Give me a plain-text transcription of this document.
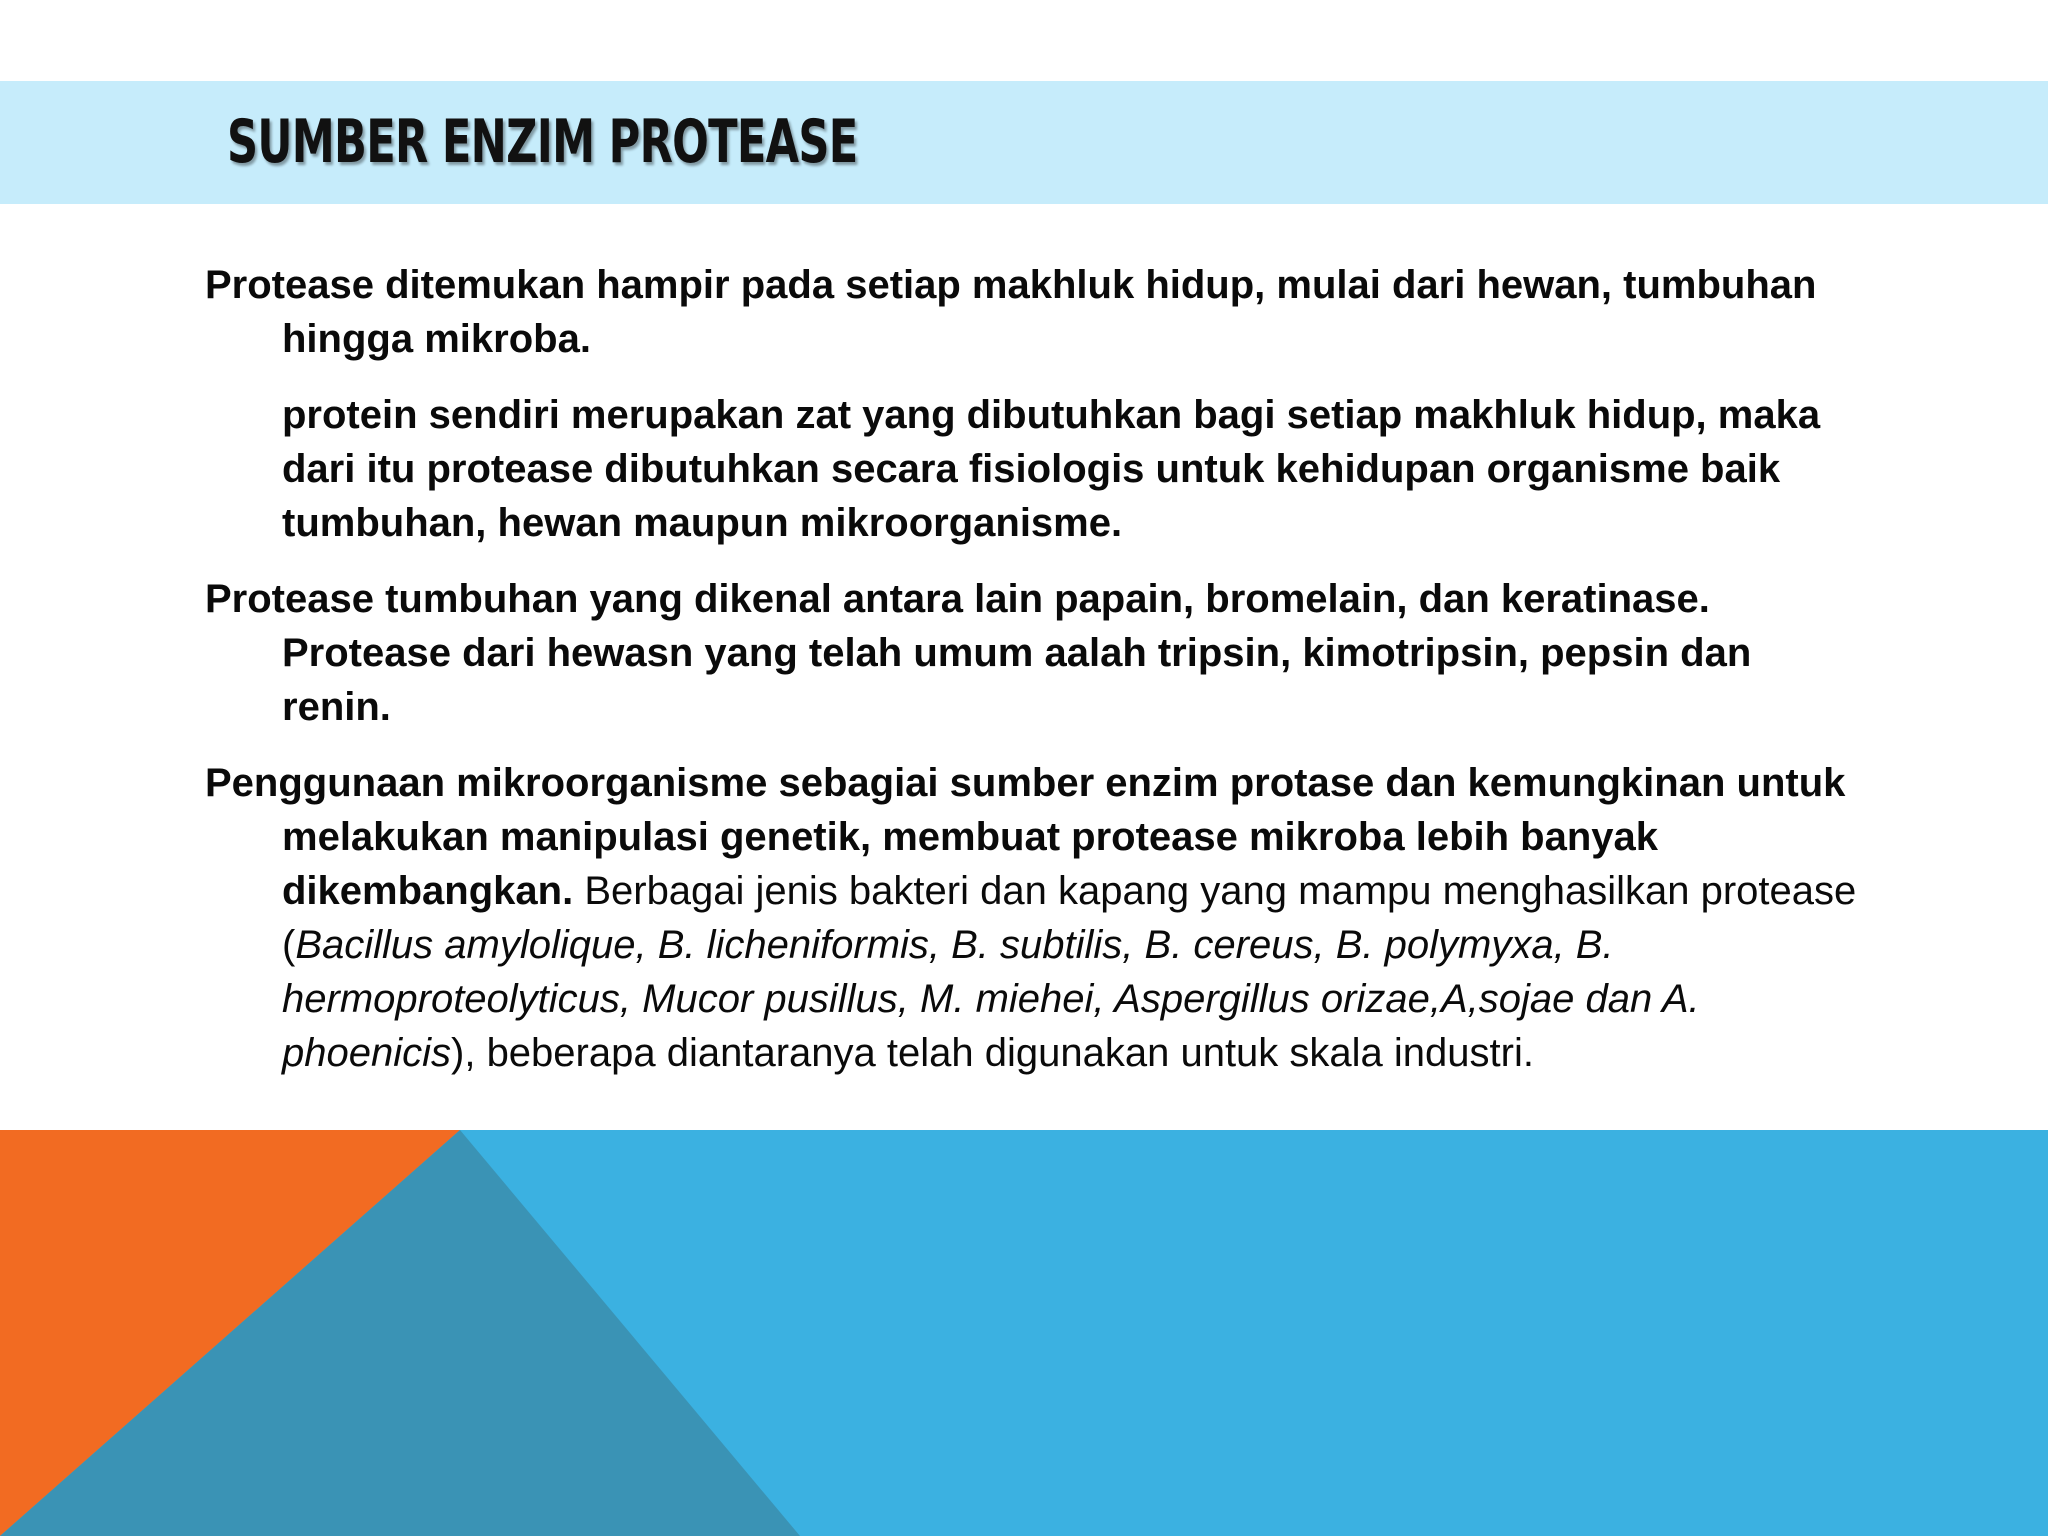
SUMBER ENZIM PROTEASE

Protease ditemukan hampir pada setiap makhluk hidup, mulai dari hewan, tumbuhan hingga mikroba.

protein sendiri merupakan zat yang dibutuhkan bagi setiap makhluk hidup, maka dari itu protease dibutuhkan secara fisiologis untuk kehidupan organisme baik tumbuhan, hewan maupun mikroorganisme.

Protease tumbuhan yang dikenal antara lain papain, bromelain, dan keratinase. Protease dari hewasn yang telah umum aalah tripsin, kimotripsin, pepsin dan renin.

Penggunaan mikroorganisme sebagiai sumber enzim protase dan kemungkinan untuk melakukan manipulasi genetik, membuat protease mikroba lebih banyak dikembangkan. Berbagai jenis bakteri dan kapang yang mampu menghasilkan protease (Bacillus amylolique, B. licheniformis, B. subtilis, B. cereus, B. polymyxa, B. hermoproteolyticus, Mucor pusillus, M. miehei, Aspergillus orizae,A,sojae dan A. phoenicis), beberapa diantaranya telah digunakan untuk skala industri.
